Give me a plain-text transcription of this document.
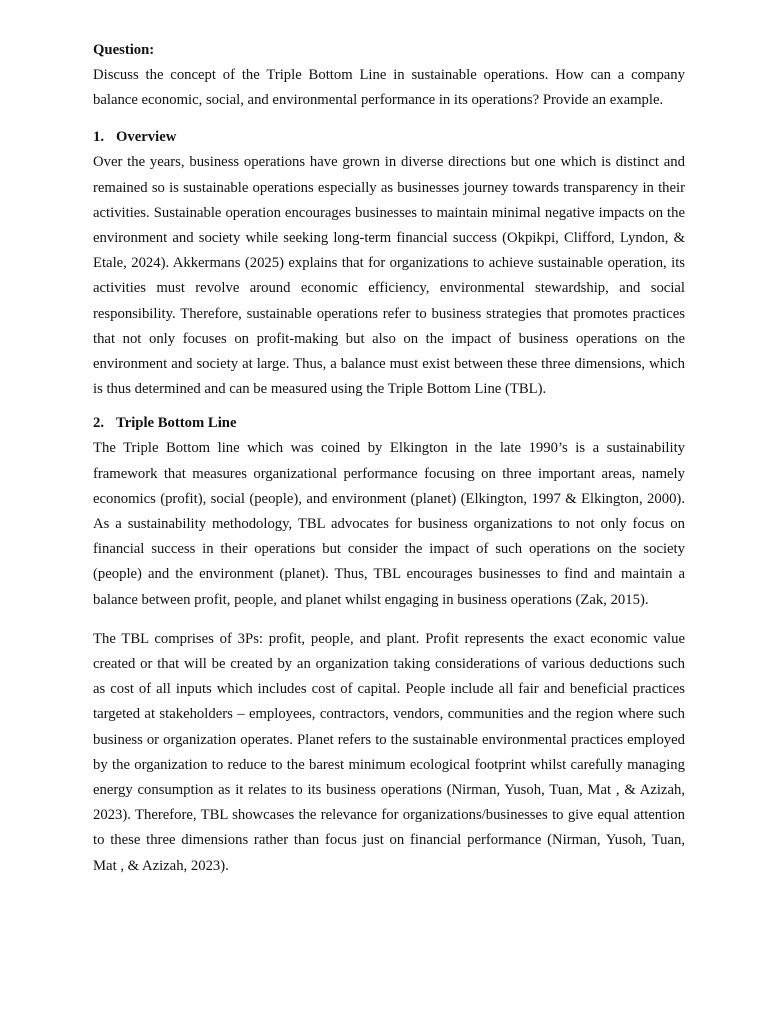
Question:

Discuss the concept of the Triple Bottom Line in sustainable operations. How can a company balance economic, social, and environmental performance in its operations? Provide an example.

1. Overview

Over the years, business operations have grown in diverse directions but one which is distinct and remained so is sustainable operations especially as businesses journey towards transparency in their activities. Sustainable operation encourages businesses to maintain minimal negative impacts on the environment and society while seeking long-term financial success (Okpikpi, Clifford, Lyndon, & Etale, 2024). Akkermans (2025) explains that for organizations to achieve sustainable operation, its activities must revolve around economic efficiency, environmental stewardship, and social responsibility. Therefore, sustainable operations refer to business strategies that promotes practices that not only focuses on profit-making but also on the impact of business operations on the environment and society at large. Thus, a balance must exist between these three dimensions, which is thus determined and can be measured using the Triple Bottom Line (TBL).

2. Triple Bottom Line

The Triple Bottom line which was coined by Elkington in the late 1990’s is a sustainability framework that measures organizational performance focusing on three important areas, namely economics (profit), social (people), and environment (planet) (Elkington, 1997 & Elkington, 2000). As a sustainability methodology, TBL advocates for business organizations to not only focus on financial success in their operations but consider the impact of such operations on the society (people) and the environment (planet). Thus, TBL encourages businesses to find and maintain a balance between profit, people, and planet whilst engaging in business operations (Zak, 2015).

The TBL comprises of 3Ps: profit, people, and plant. Profit represents the exact economic value created or that will be created by an organization taking considerations of various deductions such as cost of all inputs which includes cost of capital. People include all fair and beneficial practices targeted at stakeholders – employees, contractors, vendors, communities and the region where such business or organization operates. Planet refers to the sustainable environmental practices employed by the organization to reduce to the barest minimum ecological footprint whilst carefully managing energy consumption as it relates to its business operations (Nirman, Yusoh, Tuan, Mat , & Azizah, 2023). Therefore, TBL showcases the relevance for organizations/businesses to give equal attention to these three dimensions rather than focus just on financial performance (Nirman, Yusoh, Tuan, Mat , & Azizah, 2023).
